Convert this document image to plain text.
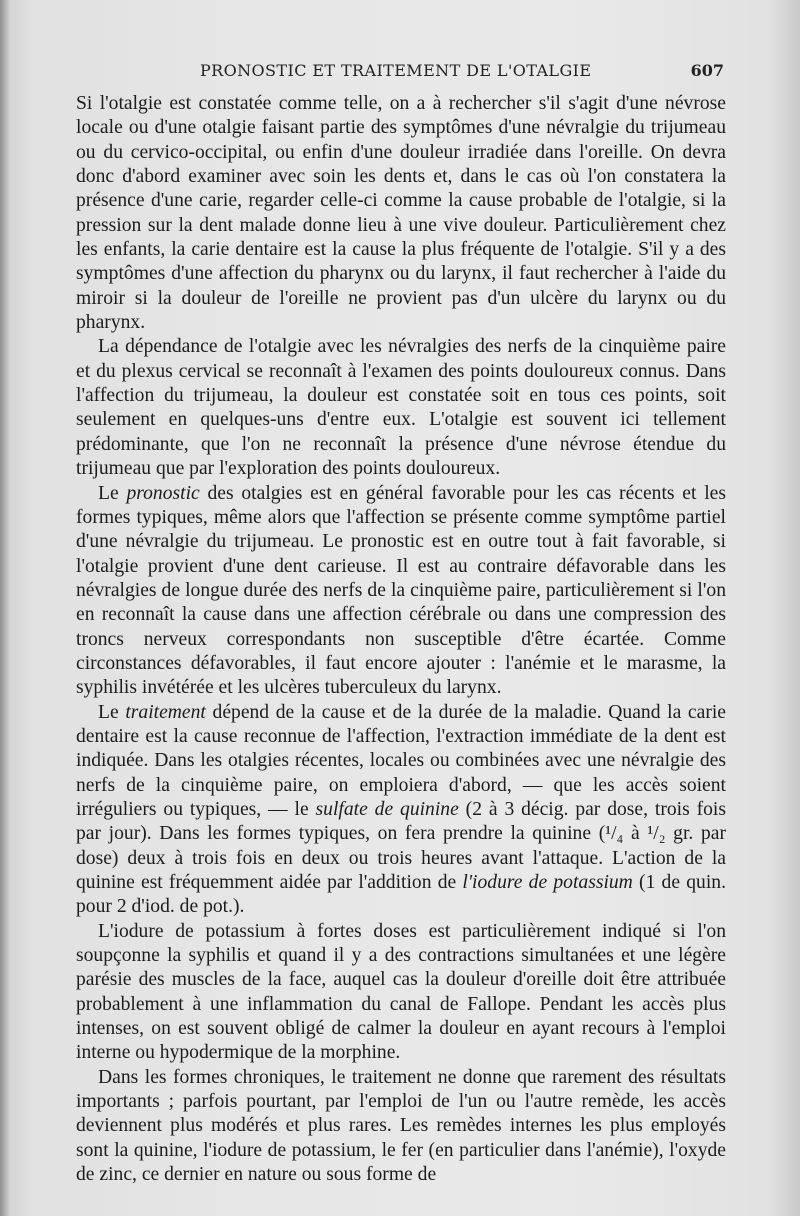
PRONOSTIC ET TRAITEMENT DE L'OTALGIE	607

Si l'otalgie est constatée comme telle, on a à rechercher s'il s'agit d'une névrose locale ou d'une otalgie faisant partie des symptômes d'une névralgie du trijumeau ou du cervico-occipital, ou enfin d'une douleur irradiée dans l'oreille. On devra donc d'abord examiner avec soin les dents et, dans le cas où l'on constatera la présence d'une carie, regarder celle-ci comme la cause probable de l'otalgie, si la pression sur la dent malade donne lieu à une vive douleur. Particulièrement chez les enfants, la carie dentaire est la cause la plus fréquente de l'otalgie. S'il y a des symptômes d'une affection du pharynx ou du larynx, il faut rechercher à l'aide du miroir si la douleur de l'oreille ne provient pas d'un ulcère du larynx ou du pharynx.

La dépendance de l'otalgie avec les névralgies des nerfs de la cinquième paire et du plexus cervical se reconnaît à l'examen des points douloureux connus. Dans l'affection du trijumeau, la douleur est constatée soit en tous ces points, soit seulement en quelques-uns d'entre eux. L'otalgie est souvent ici tellement prédominante, que l'on ne reconnaît la présence d'une névrose étendue du trijumeau que par l'exploration des points douloureux.

Le pronostic des otalgies est en général favorable pour les cas récents et les formes typiques, même alors que l'affection se présente comme symptôme partiel d'une névralgie du trijumeau. Le pronostic est en outre tout à fait favorable, si l'otalgie provient d'une dent carieuse. Il est au contraire défavorable dans les névralgies de longue durée des nerfs de la cinquième paire, particulièrement si l'on en reconnaît la cause dans une affection cérébrale ou dans une compression des troncs nerveux correspondants non susceptible d'être écartée. Comme circonstances défavorables, il faut encore ajouter : l'anémie et le marasme, la syphilis invétérée et les ulcères tuberculeux du larynx.

Le traitement dépend de la cause et de la durée de la maladie. Quand la carie dentaire est la cause reconnue de l'affection, l'extraction immédiate de la dent est indiquée. Dans les otalgies récentes, locales ou combinées avec une névralgie des nerfs de la cinquième paire, on emploiera d'abord, — que les accès soient irréguliers ou typiques, — le sulfate de quinine (2 à 3 décig. par dose, trois fois par jour). Dans les formes typiques, on fera prendre la quinine (¹/₄ à ¹/₂ gr. par dose) deux à trois fois en deux ou trois heures avant l'attaque. L'action de la quinine est fréquemment aidée par l'addition de l'iodure de potassium (1 de quin. pour 2 d'iod. de pot.).

L'iodure de potassium à fortes doses est particulièrement indiqué si l'on soupçonne la syphilis et quand il y a des contractions simultanées et une légère parésie des muscles de la face, auquel cas la douleur d'oreille doit être attribuée probablement à une inflammation du canal de Fallope. Pendant les accès plus intenses, on est souvent obligé de calmer la douleur en ayant recours à l'emploi interne ou hypodermique de la morphine.

Dans les formes chroniques, le traitement ne donne que rarement des résultats importants ; parfois pourtant, par l'emploi de l'un ou l'autre remède, les accès deviennent plus modérés et plus rares. Les remèdes internes les plus employés sont la quinine, l'iodure de potassium, le fer (en particulier dans l'anémie), l'oxyde de zinc, ce dernier en nature ou sous forme de
